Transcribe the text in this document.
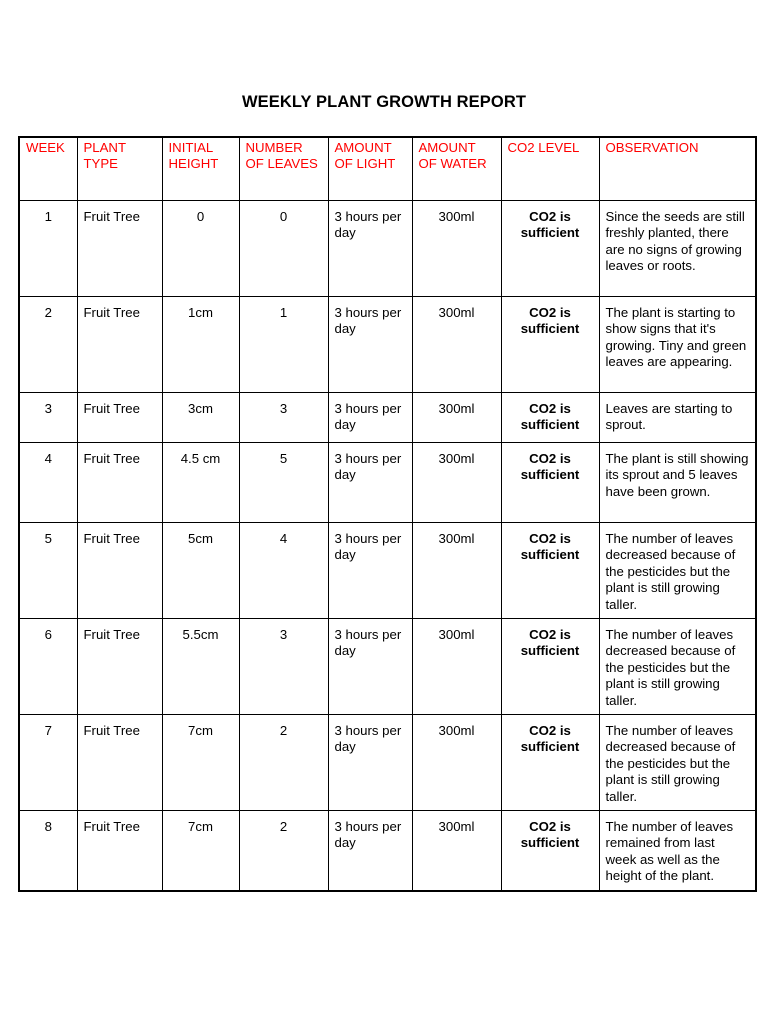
WEEKLY PLANT GROWTH REPORT
WEEK	PLANT TYPE	INITIAL HEIGHT	NUMBER OF LEAVES	AMOUNT OF LIGHT	AMOUNT OF WATER	CO2 LEVEL	OBSERVATION
1	Fruit Tree	0	0	3 hours per day	300ml	CO2 is sufficient	Since the seeds are still freshly planted, there are no signs of growing leaves or roots.
2	Fruit Tree	1cm	1	3 hours per day	300ml	CO2 is sufficient	The plant is starting to show signs that it's growing. Tiny and green leaves are appearing.
3	Fruit Tree	3cm	3	3 hours per day	300ml	CO2 is sufficient	Leaves are starting to sprout.
4	Fruit Tree	4.5 cm	5	3 hours per day	300ml	CO2 is sufficient	The plant is still showing its sprout and 5 leaves have been grown.
5	Fruit Tree	5cm	4	3 hours per day	300ml	CO2 is sufficient	The number of leaves decreased because of the pesticides but the plant is still growing taller.
6	Fruit Tree	5.5cm	3	3 hours per day	300ml	CO2 is sufficient	The number of leaves decreased because of the pesticides but the plant is still growing taller.
7	Fruit Tree	7cm	2	3 hours per day	300ml	CO2 is sufficient	The number of leaves decreased because of the pesticides but the plant is still growing taller.
8	Fruit Tree	7cm	2	3 hours per day	300ml	CO2 is sufficient	The number of leaves remained from last week as well as the height of the plant.
